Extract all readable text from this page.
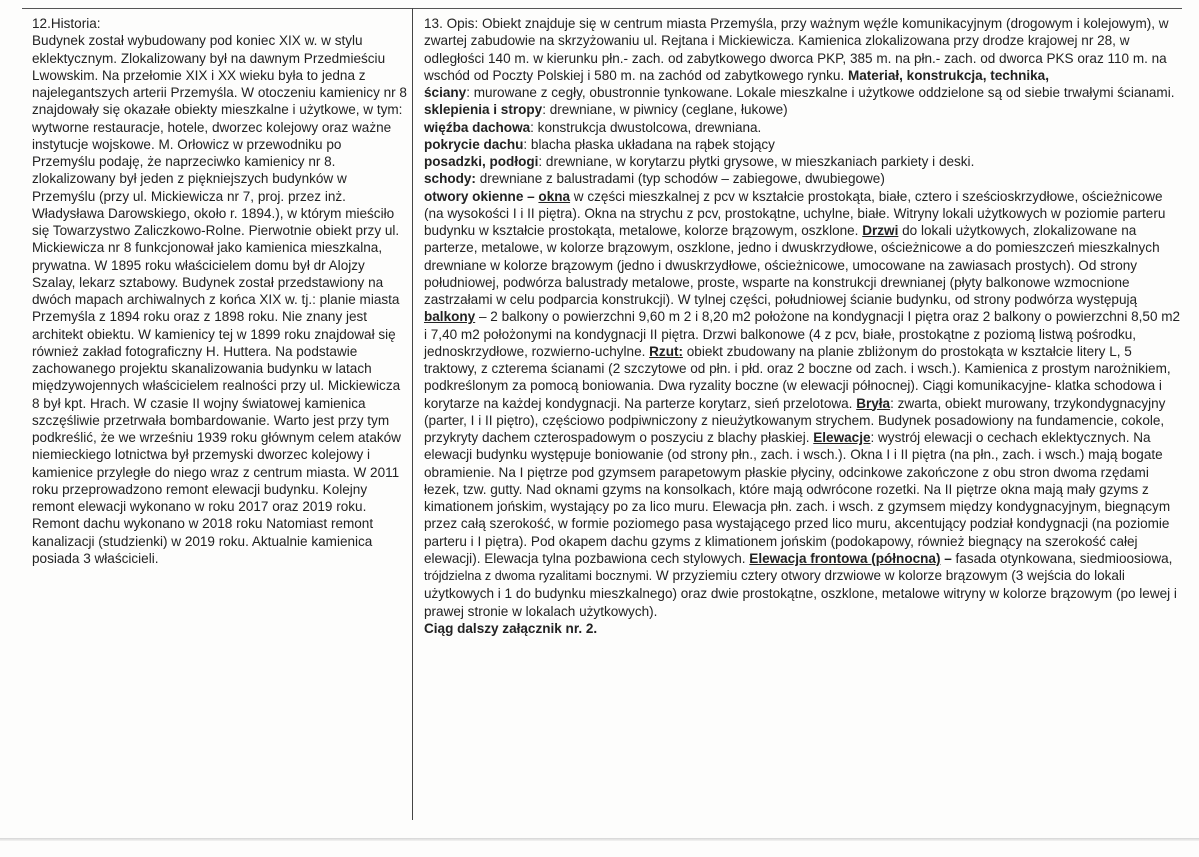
12.Historia:
Budynek został wybudowany pod koniec XIX w. w stylu eklektycznym. Zlokalizowany był na dawnym Przedmieściu Lwowskim. Na przełomie XIX i XX wieku była to jedna z najelegantszych arterii Przemyśla. W otoczeniu kamienicy nr 8 znajdowały się okazałe obiekty mieszkalne i użytkowe, w tym: wytworne restauracje, hotele, dworzec kolejowy oraz ważne instytucje wojskowe. M. Orłowicz w przewodniku po Przemyślu podaję, że naprzeciwko kamienicy nr 8. zlokalizowany był jeden z piękniejszych budynków w Przemyślu (przy ul. Mickiewicza nr 7, proj. przez inż. Władysława Darowskiego, około r. 1894.), w którym mieściło się Towarzystwo Zaliczkowo-Rolne. Pierwotnie obiekt przy ul. Mickiewicza nr 8 funkcjonował jako kamienica mieszkalna, prywatna. W 1895 roku właścicielem domu był dr Alojzy Szalay, lekarz sztabowy. Budynek został przedstawiony na dwóch mapach archiwalnych z końca XIX w. tj.: planie miasta Przemyśla z 1894 roku oraz z 1898 roku. Nie znany jest architekt obiektu. W kamienicy tej w 1899 roku znajdował się również zakład fotograficzny H. Huttera. Na podstawie zachowanego projektu skanalizowania budynku w latach międzywojennych właścicielem realności przy ul. Mickiewicza 8 był kpt. Hrach. W czasie II wojny światowej kamienica szczęśliwie przetrwała bombardowanie. Warto jest przy tym podkreślić, że we wrześniu 1939 roku głównym celem ataków niemieckiego lotnictwa był przemyski dworzec kolejowy i kamienice przyległe do niego wraz z centrum miasta. W 2011 roku przeprowadzono remont elewacji budynku. Kolejny remont elewacji wykonano w roku 2017 oraz 2019 roku. Remont dachu wykonano w 2018 roku Natomiast remont kanalizacji (studzienki) w 2019 roku. Aktualnie kamienica posiada 3 właścicieli.
13. Opis: Obiekt znajduje się w centrum miasta Przemyśla, przy ważnym węźle komunikacyjnym (drogowym i kolejowym), w zwartej zabudowie na skrzyżowaniu ul. Rejtana i Mickiewicza. Kamienica zlokalizowana przy drodze krajowej nr 28, w odległości 140 m. w kierunku płn.- zach. od zabytkowego dworca PKP, 385 m. na płn.- zach. od dworca PKS oraz 110 m. na wschód od Poczty Polskiej i 580 m. na zachód od zabytkowego rynku. Materiał, konstrukcja, technika,
ściany: murowane z cegły, obustronnie tynkowane. Lokale mieszkalne i użytkowe oddzielone są od siebie trwałymi ścianami.
sklepienia i stropy: drewniane, w piwnicy (ceglane, łukowe)
więźba dachowa: konstrukcja dwustolcowa, drewniana.
pokrycie dachu: blacha płaska układana na rąbek stojący
posadzki, podłogi: drewniane, w korytarzu płytki grysowe, w mieszkaniach parkiety i deski.
schody: drewniane z balustradami (typ schodów – zabiegowe, dwubiegowe)
otwory okienne – okna w części mieszkalnej z pcv w kształcie prostokąta, białe, cztero i sześcioskrzydłowe, ościeżnicowe (na wysokości I i II piętra). Okna na strychu z pcv, prostokątne, uchylne, białe. Witryny lokali użytkowych w poziomie parteru budynku w kształcie prostokąta, metalowe, kolorze brązowym, oszklone. Drzwi do lokali użytkowych, zlokalizowane na parterze, metalowe, w kolorze brązowym, oszklone, jedno i dwuskrzydłowe, ościeżnicowe a do pomieszczeń mieszkalnych drewniane w kolorze brązowym (jedno i dwuskrzydłowe, ościeżnicowe, umocowane na zawiasach prostych). Od strony południowej, podwórza balustrady metalowe, proste, wsparte na konstrukcji drewnianej (płyty balkonowe wzmocnione zastrzałami w celu podparcia konstrukcji). W tylnej części, południowej ścianie budynku, od strony podwórza występują balkony – 2 balkony o powierzchni 9,60 m 2 i 8,20 m2 położone na kondygnacji I piętra oraz 2 balkony o powierzchni 8,50 m2 i 7,40 m2 położonymi na kondygnacji II piętra. Drzwi balkonowe (4 z pcv, białe, prostokątne z poziomą listwą pośrodku, jednoskrzydłowe, rozwierno-uchylne. Rzut: obiekt zbudowany na planie zbliżonym do prostokąta w kształcie litery L, 5 traktowy, z czterema ścianami (2 szczytowe od płn. i płd. oraz 2 boczne od zach. i wsch.). Kamienica z prostym narożnikiem, podkreślonym za pomocą boniowania. Dwa ryzality boczne (w elewacji północnej). Ciągi komunikacyjne- klatka schodowa i korytarze na każdej kondygnacji. Na parterze korytarz, sień przelotowa. Bryła: zwarta, obiekt murowany, trzykondygnacyjny (parter, I i II piętro), częściowo podpiwniczony z nieużytkowanym strychem. Budynek posadowiony na fundamencie, cokole, przykryty dachem czterospadowym o poszyciu z blachy płaskiej. Elewacje: wystrój elewacji o cechach eklektycznych. Na elewacji budynku występuje boniowanie (od strony płn., zach. i wsch.). Okna I i II piętra (na płn., zach. i wsch.) mają bogate obramienie. Na I piętrze pod gzymsem parapetowym płaskie płyciny, odcinkowe zakończone z obu stron dwoma rzędami łezek, tzw. gutty. Nad oknami gzyms na konsolkach, które mają odwrócone rozetki. Na II piętrze okna mają mały gzyms z kimationem jońskim, wystający po za lico muru. Elewacja płn. zach. i wsch. z gzymsem między kondygnacyjnym, biegnącym przez całą szerokość, w formie poziomego pasa wystającego przed lico muru, akcentujący podział kondygnacji (na poziomie parteru i I piętra). Pod okapem dachu gzyms z klimationem jońskim (podokapowy, również biegnący na szerokość całej elewacji). Elewacja tylna pozbawiona cech stylowych. Elewacja frontowa (północna) – fasada otynkowana, siedmioosiowa, trójdzielna z dwoma ryzalitami bocznymi. W przyziemiu cztery otwory drzwiowe w kolorze brązowym (3 wejścia do lokali użytkowych i 1 do budynku mieszkalnego) oraz dwie prostokątne, oszklone, metalowe witryny w kolorze brązowym (po lewej i prawej stronie w lokalach użytkowych).
Ciąg dalszy załącznik nr. 2.
